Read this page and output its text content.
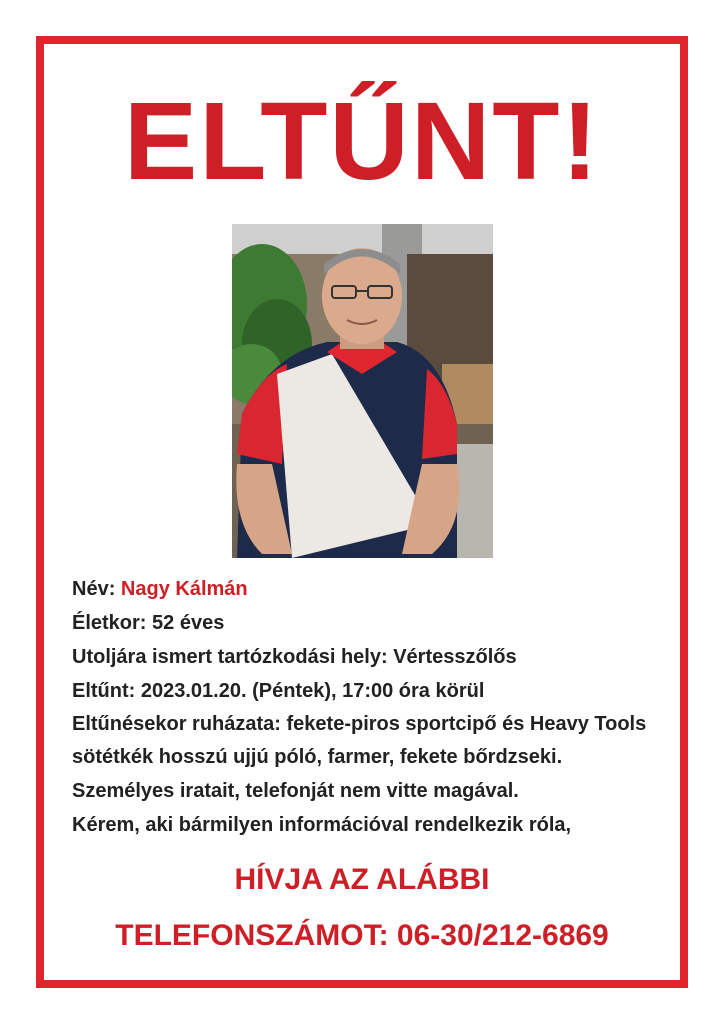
ELTŰNT!
Név: Nagy Kálmán
Életkor: 52 éves
Utoljára ismert tartózkodási hely: Vértesszőlős
Eltűnt: 2023.01.20. (Péntek), 17:00 óra körül
Eltűnésekor ruházata: fekete-piros sportcipő és Heavy Tools
sötétkék hosszú ujjú póló, farmer, fekete bőrdzseki.
Személyes iratait, telefonját nem vitte magával.
Kérem, aki bármilyen információval rendelkezik róla,
HÍVJA AZ ALÁBBI
TELEFONSZÁMOT: 06-30/212-6869
